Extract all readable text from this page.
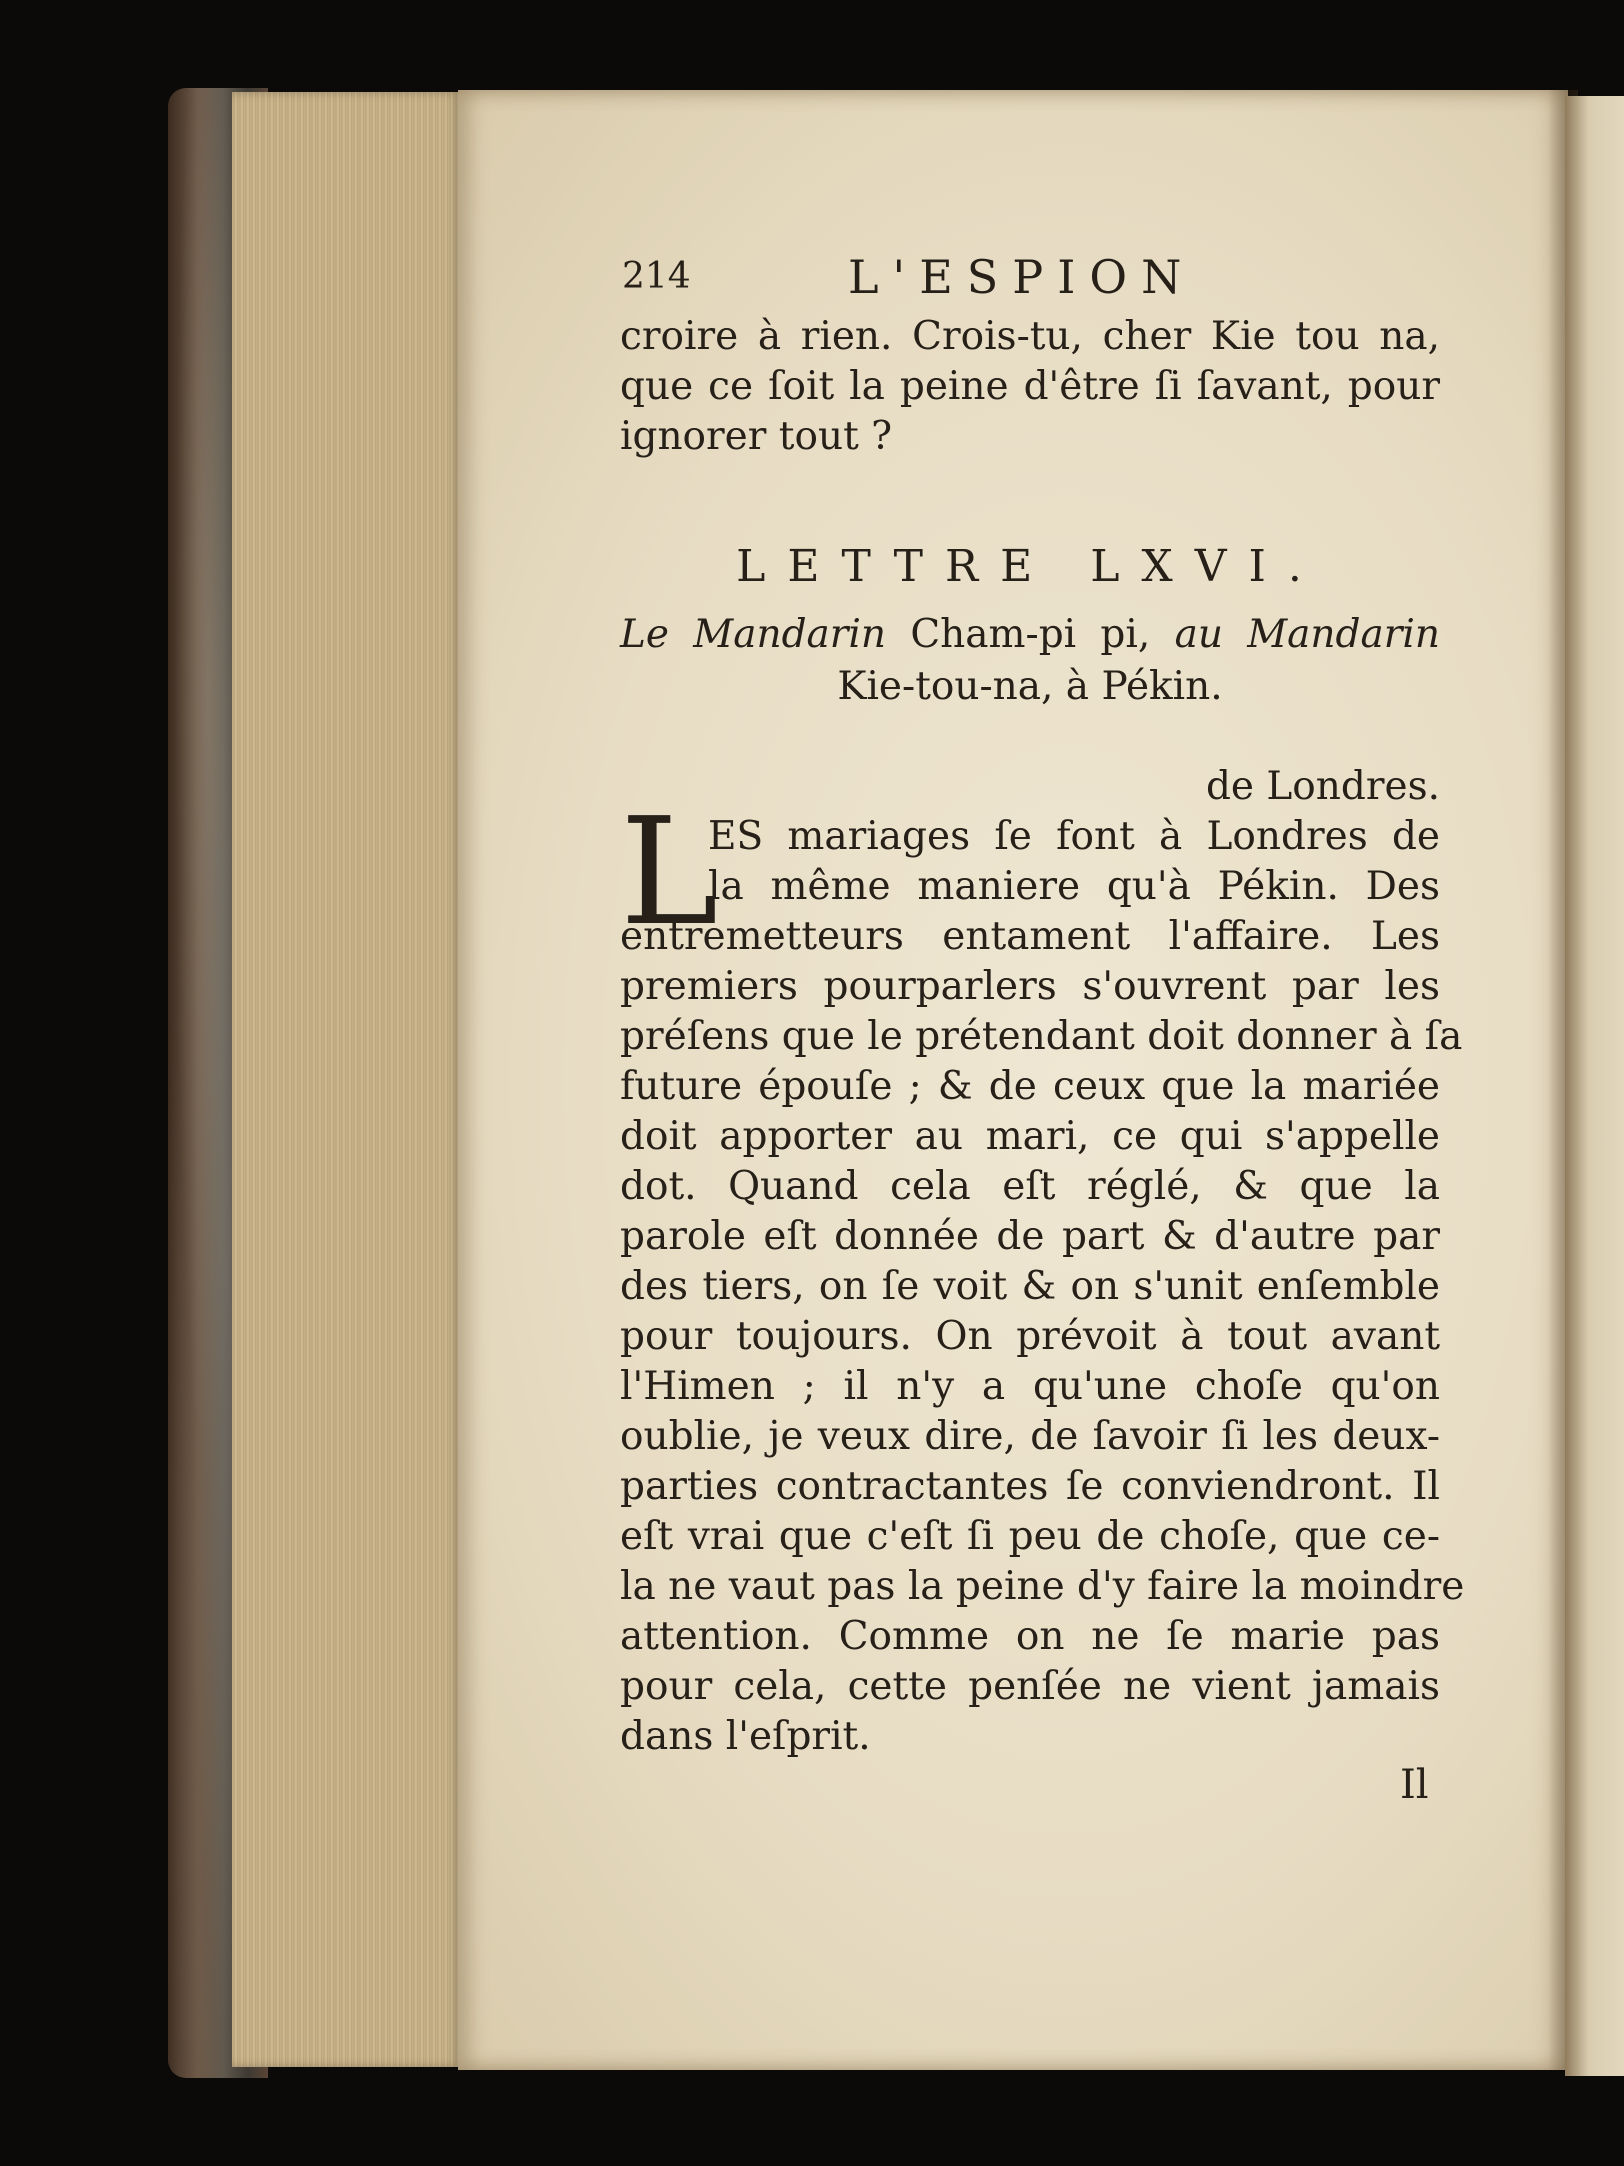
214	L'ESPION
croire à rien. Crois-tu, cher Kie tou na,
que ce ſoit la peine d'être ſi ſavant, pour
ignorer tout ?
LETTRE LXVI.
Le Mandarin Cham-pi pi, au Mandarin
Kie-tou-na, à Pékin.
de Londres.
L
ES mariages ſe font à Londres de
la même maniere qu'à Pékin. Des
entremetteurs entament l'affaire. Les
premiers pourparlers s'ouvrent par les
préſens que le prétendant doit donner à ſa
future épouſe ; & de ceux que la mariée
doit apporter au mari, ce qui s'appelle
dot. Quand cela eſt réglé, & que la
parole eſt donnée de part & d'autre par
des tiers, on ſe voit & on s'unit enſemble
pour toujours. On prévoit à tout avant
l'Himen ; il n'y a qu'une choſe qu'on
oublie, je veux dire, de ſavoir ſi les deux-
parties contractantes ſe conviendront. Il
eſt vrai que c'eſt ſi peu de choſe, que ce-
la ne vaut pas la peine d'y faire la moindre
attention. Comme on ne ſe marie pas
pour cela, cette penſée ne vient jamais
dans l'eſprit.
Il
